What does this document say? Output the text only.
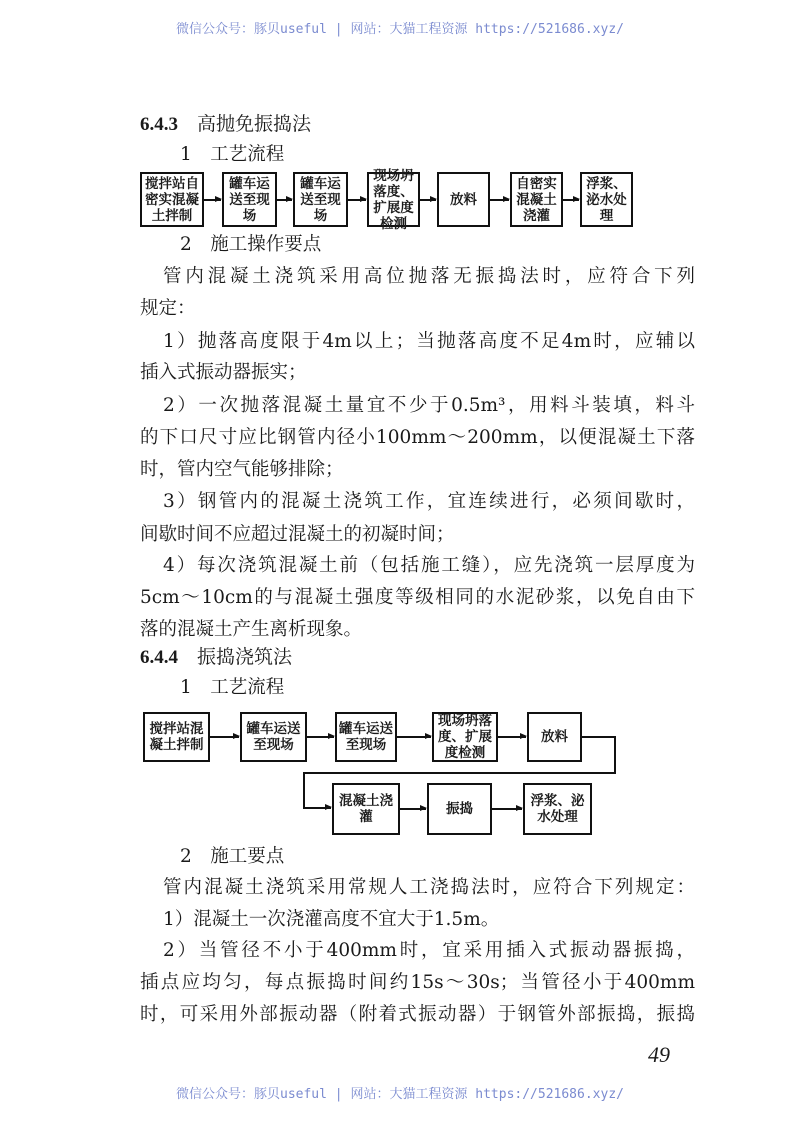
微信公众号：豚贝useful | 网站：大猫工程资源 https://521686.xyz/
6.4.3　 高抛免振捣法
1　工艺流程
搅拌站自密实混凝土拌制
罐车运送至现场
罐车运送至现场
现场坍落度、扩展度检测
放料
自密实混凝土浇灌
浮浆、泌水处理
2　施工操作要点
管内混凝土浇筑采用高位抛落无振捣法时，应符合下列
规定：
1）抛落高度限于4m以上；当抛落高度不足4m时，应辅以
插入式振动器振实；
2）一次抛落混凝土量宜不少于0.5m³，用料斗装填，料斗
的下口尺寸应比钢管内径小100mm～200mm，以便混凝土下落
时，管内空气能够排除；
3）钢管内的混凝土浇筑工作，宜连续进行，必须间歇时，
间歇时间不应超过混凝土的初凝时间；
4）每次浇筑混凝土前（包括施工缝），应先浇筑一层厚度为
5cm～10cm的与混凝土强度等级相同的水泥砂浆，以免自由下
落的混凝土产生离析现象。
6.4.4　 振捣浇筑法
1　工艺流程
搅拌站混凝土拌制
罐车运送至现场
罐车运送至现场
现场坍落度、扩展度检测
放料
混凝土浇灌	振捣	浮浆、泌水处理
2　施工要点
管内混凝土浇筑采用常规人工浇捣法时，应符合下列规定：
1）混凝土一次浇灌高度不宜大于1.5m。
2）当管径不小于400mm时，宜采用插入式振动器振捣，
插点应均匀，每点振捣时间约15s～30s；当管径小于400mm
时，可采用外部振动器（附着式振动器）于钢管外部振捣，振捣
49
微信公众号：豚贝useful | 网站：大猫工程资源 https://521686.xyz/
